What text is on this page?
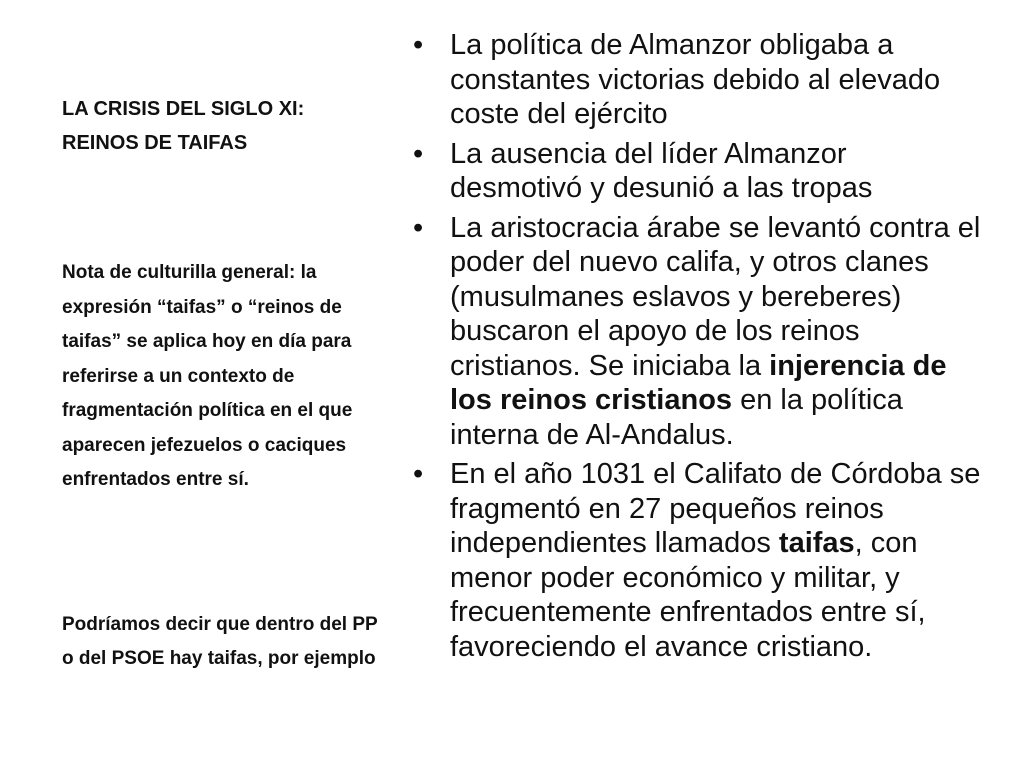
LA CRISIS DEL SIGLO XI:
REINOS DE TAIFAS

Nota de culturilla general: la expresión “taifas” o “reinos de taifas” se aplica hoy en día para referirse a un contexto de fragmentación política en el que aparecen jefezuelos o caciques enfrentados entre sí.

Podríamos decir que dentro del PP o del PSOE hay taifas, por ejemplo

• La política de Almanzor obligaba a constantes victorias debido al elevado coste del ejército
• La ausencia del líder Almanzor desmotivó y desunió a las tropas
• La aristocracia árabe se levantó contra el poder del nuevo califa, y otros clanes (musulmanes eslavos y bereberes) buscaron el apoyo de los reinos cristianos. Se iniciaba la injerencia de los reinos cristianos en la política interna de Al-Andalus.
• En el año 1031 el Califato de Córdoba se fragmentó en 27 pequeños reinos independientes llamados taifas, con menor poder económico y militar, y frecuentemente enfrentados entre sí, favoreciendo el avance cristiano.
